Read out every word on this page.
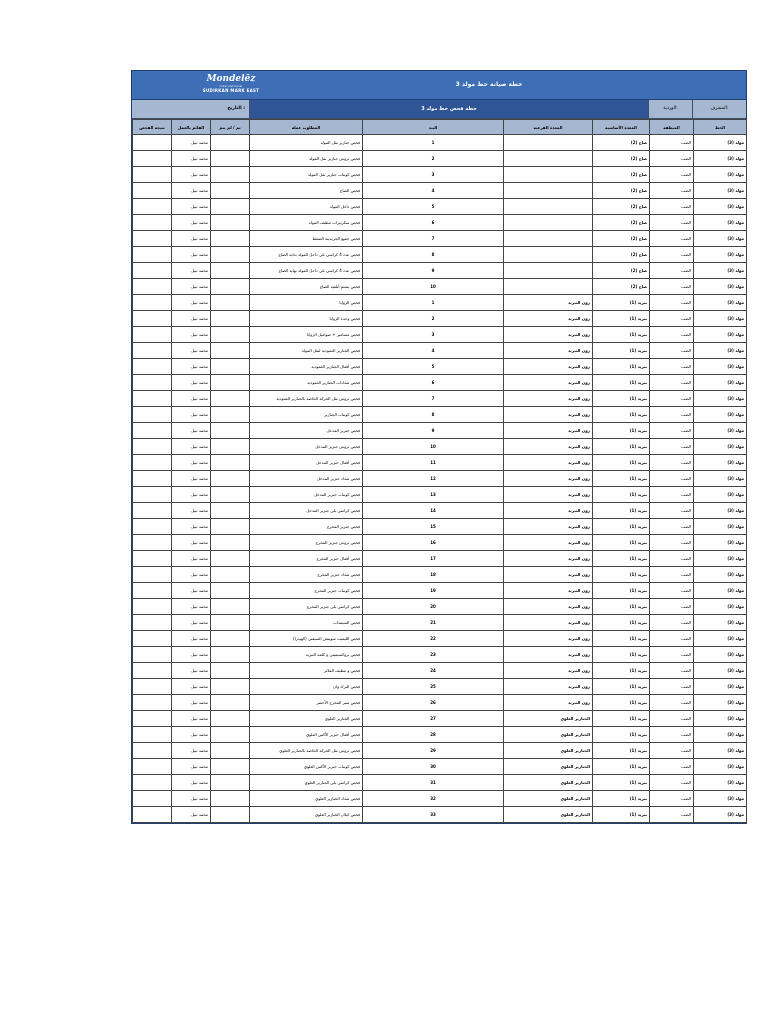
Mondelēz
International
SUDIRKAN MARK EAST
خطة صيانة خط مولد 3
التاريخ :	خطة فحص خط مولد 3	الوردية:	المشرف:
نتيجة الفحص	القائم بالعمل	تم / لم يتم	المطلوب عمله	البند	المعدة الفرعية	المعدة الأساسية	المنطقة	الخط
	محمد نبيل		فحص جنازير نقل المولد	1		صاج (2)	الصب	مولد (3)
	محمد نبيل		فحص تروس جنازير نقل المولد	2		صاج (2)	الصب	مولد (3)
	محمد نبيل		فحص كوتنات جنازير نقل المولد	3		صاج (2)	الصب	مولد (3)
	محمد نبيل		فحص الصاج	4		صاج (2)	الصب	مولد (3)
	محمد نبيل		فحص داخل المولد	5		صاج (2)	الصب	مولد (3)
	محمد نبيل		فحص سكريبرات تنظيف المولد	6		صاج (2)	الصب	مولد (3)
	محمد نبيل		فحص جميع الجريدينة الضغط	7		صاج (2)	الصب	مولد (3)
	محمد نبيل		فحص عدد 4 كراسي بلي داخل المولد بداية الصاج	8		صاج (2)	الصب	مولد (3)
	محمد نبيل		فحص عدد 4 كراسي بلي داخل المولد نهاية الصاج	9		صاج (2)	الصب	مولد (3)
	محمد نبيل		فحص بستم أتلفية الصاج	10		صاج (2)	الصب	مولد (3)
	محمد نبيل		فحص الزوايا	1	زون التبريد	تبريد (1)	الصب	مولد (3)
	محمد نبيل		فحص وحدة الزوايا	2	زون التبريد	تبريد (1)	الصب	مولد (3)
	محمد نبيل		فحص مسامير + صواميل الزوايا	3	زون التبريد	تبريد (1)	الصب	مولد (3)
	محمد نبيل		فحص الجنازير العمودية لنقل المولد	4	زون التبريد	تبريد (1)	الصب	مولد (3)
	محمد نبيل		فحص أقفال الجنازير العمودية	5	زون التبريد	تبريد (1)	الصب	مولد (3)
	محمد نبيل		فحص شدادات الجنازير العمودية	6	زون التبريد	تبريد (1)	الصب	مولد (3)
	محمد نبيل		فحص تروس نقل الحركة الخاصة بالجنازير العمودية	7	زون التبريد	تبريد (1)	الصب	مولد (3)
	محمد نبيل		فحص كوتنات الجنازير	8	زون التبريد	تبريد (1)	الصب	مولد (3)
	محمد نبيل		فحص جنزير المدخل	9	زون التبريد	تبريد (1)	الصب	مولد (3)
	محمد نبيل		فحص تروس جنزير المدخل	10	زون التبريد	تبريد (1)	الصب	مولد (3)
	محمد نبيل		فحص أقفال جنزير المدخل	11	زون التبريد	تبريد (1)	الصب	مولد (3)
	محمد نبيل		فحص شداد جنزير المدخل	12	زون التبريد	تبريد (1)	الصب	مولد (3)
	محمد نبيل		فحص كوتنات جنزير المدخل	13	زون التبريد	تبريد (1)	الصب	مولد (3)
	محمد نبيل		فحص كراسي بلي جنزير المدخل	14	زون التبريد	تبريد (1)	الصب	مولد (3)
	محمد نبيل		فحص جنزير المخرج	15	زون التبريد	تبريد (1)	الصب	مولد (3)
	محمد نبيل		فحص تروس جنزير المخرج	16	زون التبريد	تبريد (1)	الصب	مولد (3)
	محمد نبيل		فحص أقفال جنزير المخرج	17	زون التبريد	تبريد (1)	الصب	مولد (3)
	محمد نبيل		فحص شداد جنزير المخرج	18	زون التبريد	تبريد (1)	الصب	مولد (3)
	محمد نبيل		فحص كوتنات جنزير المخرج	19	زون التبريد	تبريد (1)	الصب	مولد (3)
	محمد نبيل		فحص كراسي بلي جنزير المخرج	20	زون التبريد	تبريد (1)	الصب	مولد (3)
	محمد نبيل		فحص السيمدات	21	زون التبريد	تبريد (1)	الصب	مولد (3)
	محمد نبيل		فحص الليميت سويتش السيفتي (الهيدرا)	22	زون التبريد	تبريد (1)	الصب	مولد (3)
	محمد نبيل		فحص بروكسيميتي و كلمة التبريد	23	زون التبريد	تبريد (1)	الصب	مولد (3)
	محمد نبيل		فحص و تنظيف الفلاتر	24	زون التبريد	تبريد (1)	الصب	مولد (3)
	محمد نبيل		فحص الترك وان	25	زون التبريد	تبريد (1)	الصب	مولد (3)
	محمد نبيل		فحص سير المخرج الأخضر	26	زون التبريد	تبريد (1)	الصب	مولد (3)
	محمد نبيل		فحص الجنازير العلوي	27	الجنازير العلوي	تبريد (1)	الصب	مولد (3)
	محمد نبيل		فحص أقفال جنزير الأكس العلوي	28	الجنازير العلوي	تبريد (1)	الصب	مولد (3)
	محمد نبيل		فحص تروس نقل الحركة الخاصة بالجنازير العلوي	29	الجنازير العلوي	تبريد (1)	الصب	مولد (3)
	محمد نبيل		فحص كوتنات جنزير الأكس العلوي	30	الجنازير العلوي	تبريد (1)	الصب	مولد (3)
	محمد نبيل		فحص كراسي بلي الجنازير العلوي	31	الجنازير العلوي	تبريد (1)	الصب	مولد (3)
	محمد نبيل		فحص شداد الجنازير العلوي	32	الجنازير العلوي	تبريد (1)	الصب	مولد (3)
	محمد نبيل		فحص كيلان الجنازير العلوي	33	الجنازير العلوي	تبريد (1)	الصب	مولد (3)
